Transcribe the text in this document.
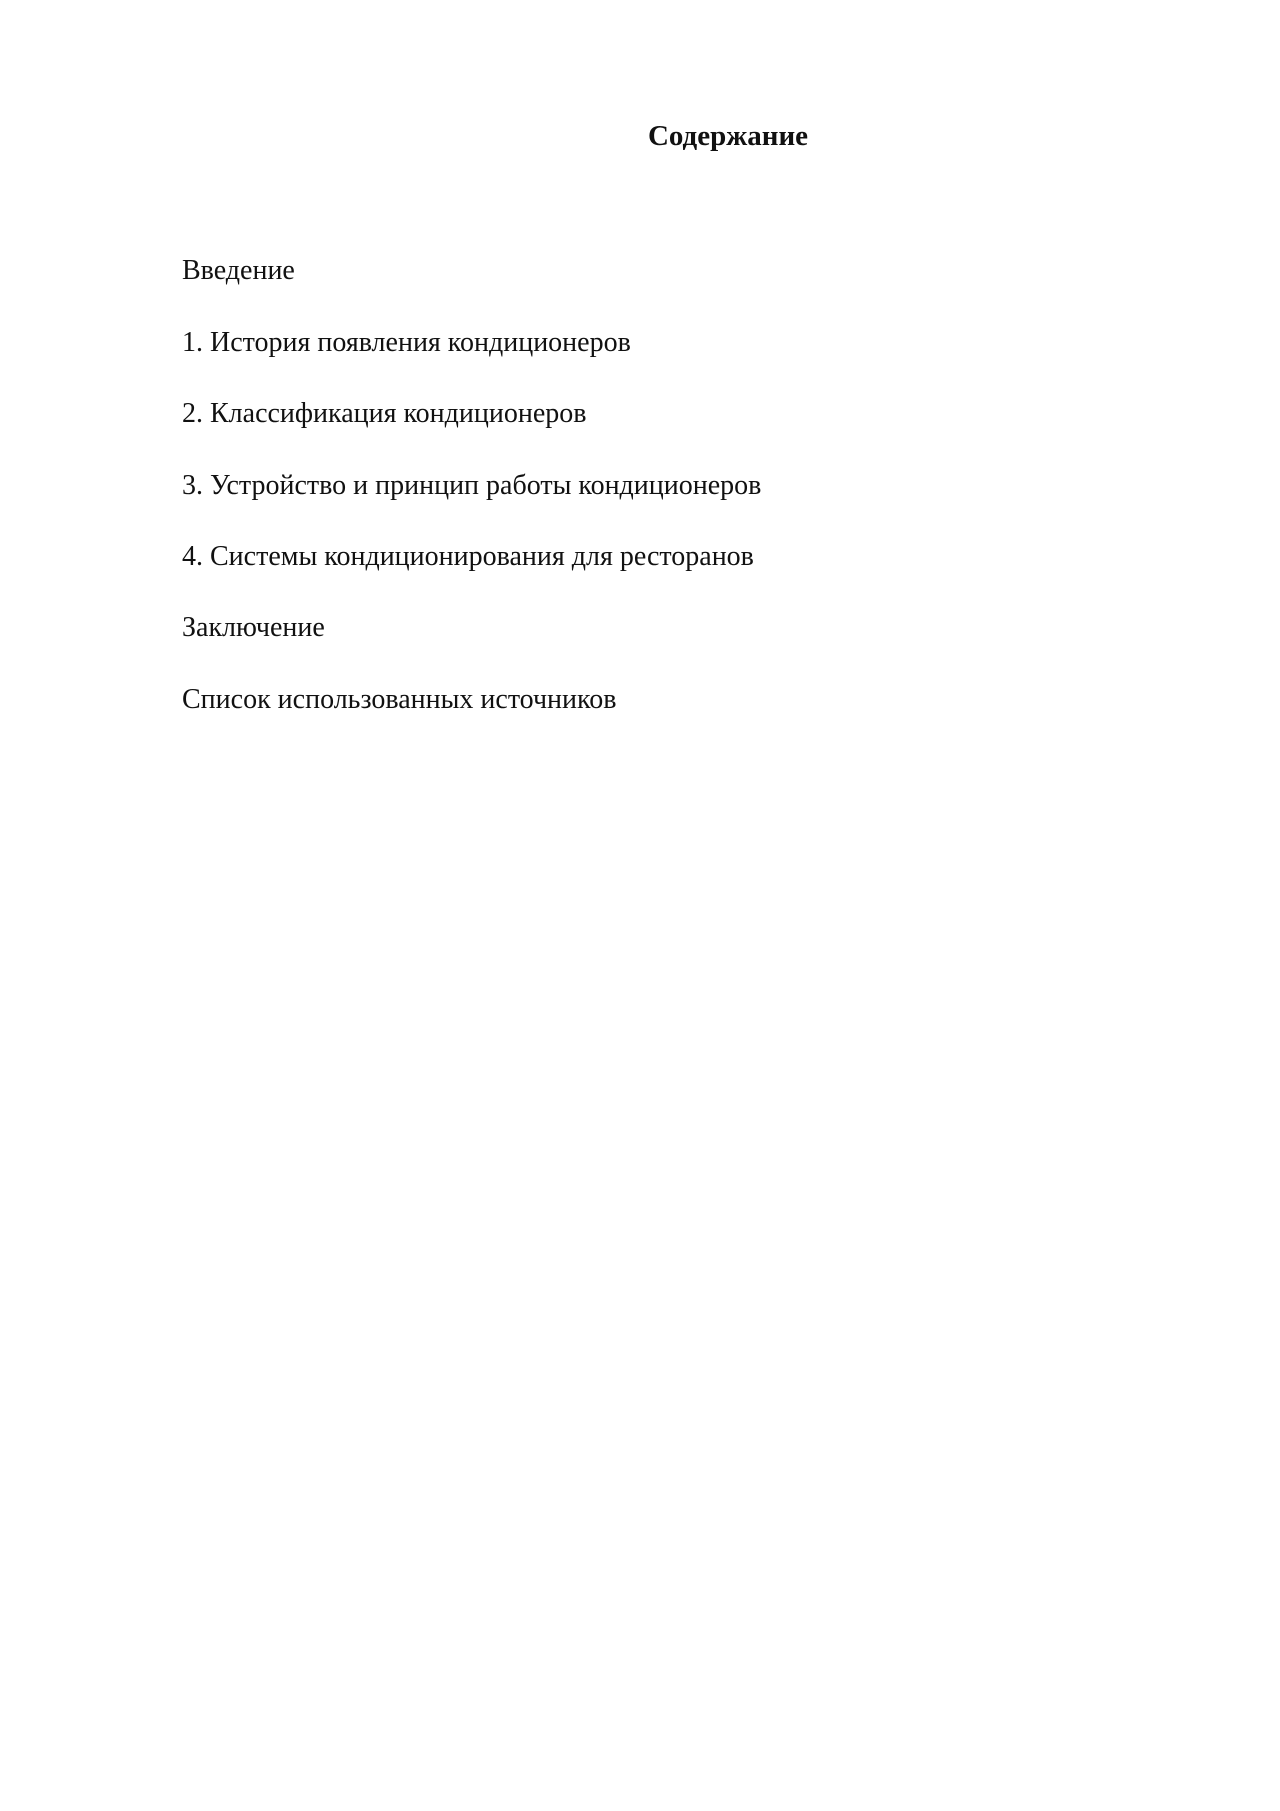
Содержание
Введение
1. История появления кондиционеров
2. Классификация кондиционеров
3. Устройство и принцип работы кондиционеров
4. Системы кондиционирования для ресторанов
Заключение
Список использованных источников
